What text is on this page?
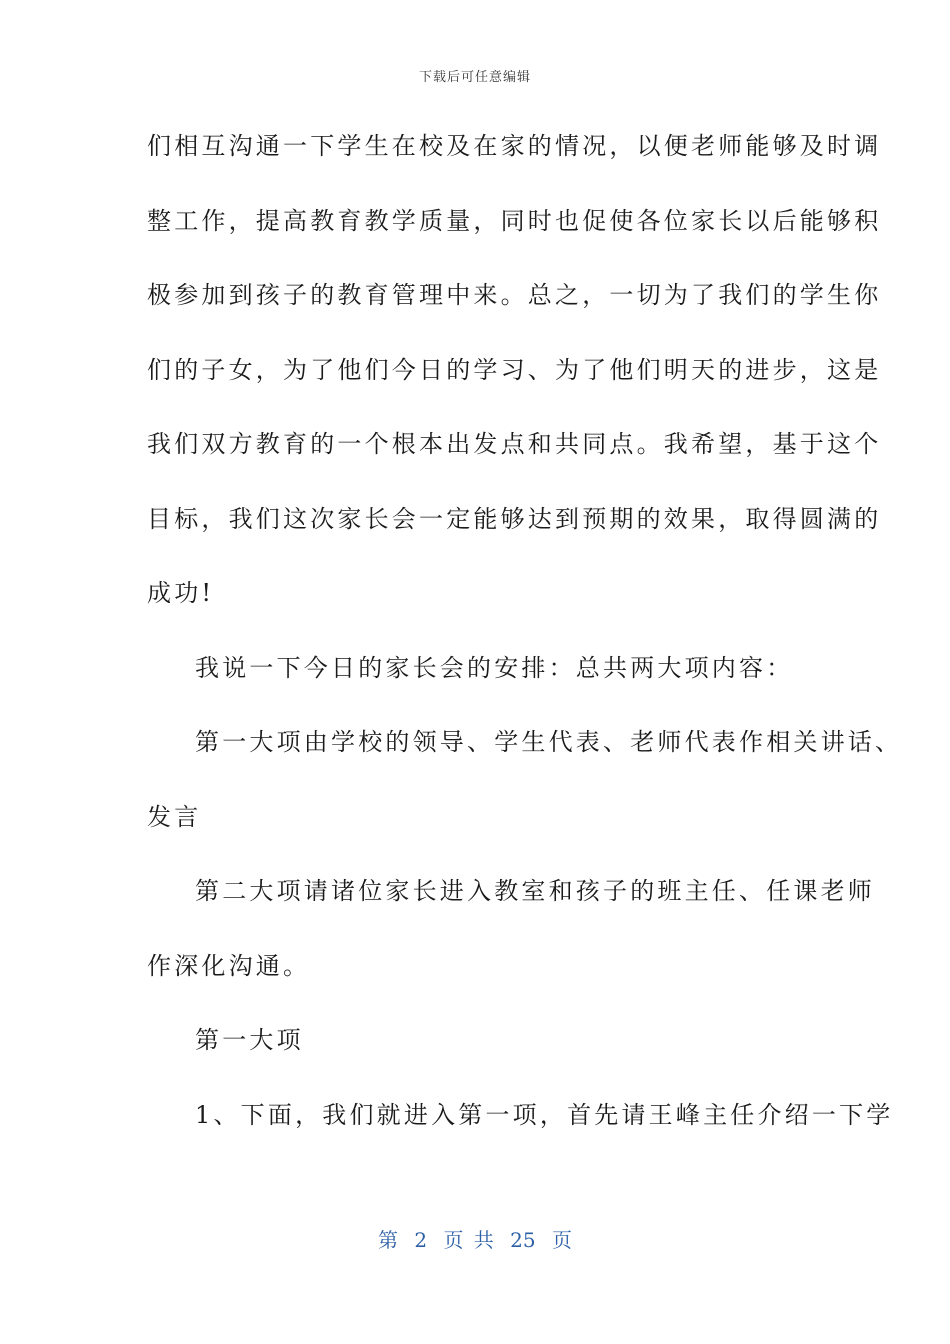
下载后可任意编辑
们相互沟通一下学生在校及在家的情况，以便老师能够及时调
整工作，提高教育教学质量，同时也促使各位家长以后能够积
极参加到孩子的教育管理中来。总之，一切为了我们的学生你
们的子女，为了他们今日的学习、为了他们明天的进步，这是
我们双方教育的一个根本出发点和共同点。我希望，基于这个
目标，我们这次家长会一定能够达到预期的效果，取得圆满的
成功!
我说一下今日的家长会的安排：总共两大项内容：
第一大项由学校的领导、学生代表、老师代表作相关讲话、
发言
第二大项请诸位家长进入教室和孩子的班主任、任课老师
作深化沟通。
第一大项
1、下面，我们就进入第一项，首先请王峰主任介绍一下学
第 2 页 共 25 页
